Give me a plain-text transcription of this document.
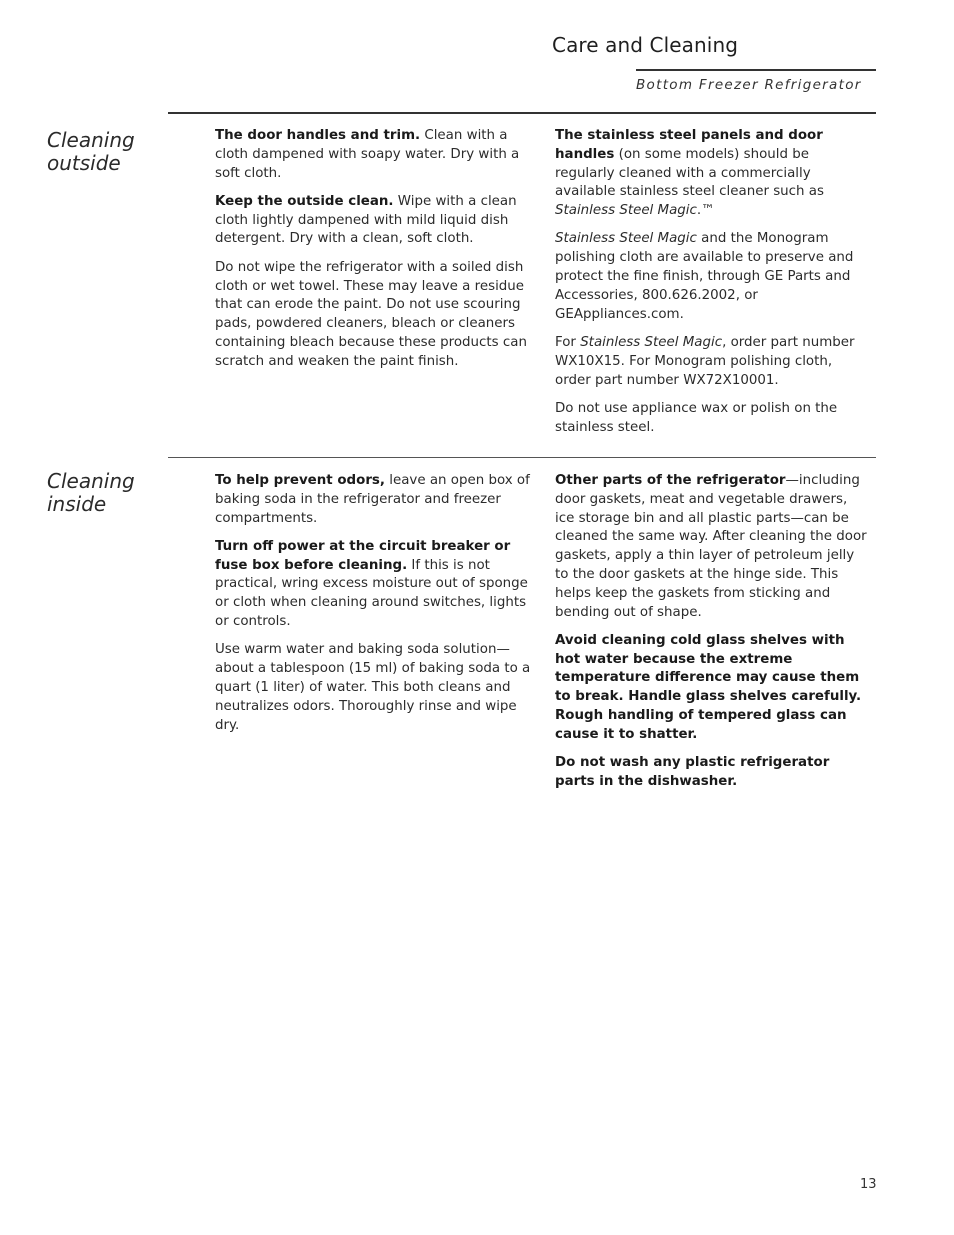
Care and Cleaning
Bottom Freezer Refrigerator
Cleaning
outside

The door handles and trim. Clean with a cloth dampened with soapy water. Dry with a soft cloth.

Keep the outside clean. Wipe with a clean cloth lightly dampened with mild liquid dish detergent. Dry with a clean, soft cloth.

Do not wipe the refrigerator with a soiled dish cloth or wet towel. These may leave a residue that can erode the paint. Do not use scouring pads, powdered cleaners, bleach or cleaners containing bleach because these products can scratch and weaken the paint finish.

The stainless steel panels and door handles (on some models) should be regularly cleaned with a commercially available stainless steel cleaner such as Stainless Steel Magic.™

Stainless Steel Magic and the Monogram polishing cloth are available to preserve and protect the fine finish, through GE Parts and Accessories, 800.626.2002, or GEAppliances.com.

For Stainless Steel Magic, order part number WX10X15. For Monogram polishing cloth, order part number WX72X10001.

Do not use appliance wax or polish on the stainless steel.

Cleaning
inside

To help prevent odors, leave an open box of baking soda in the refrigerator and freezer compartments.

Turn off power at the circuit breaker or fuse box before cleaning. If this is not practical, wring excess moisture out of sponge or cloth when cleaning around switches, lights or controls.

Use warm water and baking soda solution—about a tablespoon (15 ml) of baking soda to a quart (1 liter) of water. This both cleans and neutralizes odors. Thoroughly rinse and wipe dry.

Other parts of the refrigerator—including door gaskets, meat and vegetable drawers, ice storage bin and all plastic parts—can be cleaned the same way. After cleaning the door gaskets, apply a thin layer of petroleum jelly to the door gaskets at the hinge side. This helps keep the gaskets from sticking and bending out of shape.

Avoid cleaning cold glass shelves with hot water because the extreme temperature difference may cause them to break. Handle glass shelves carefully. Rough handling of tempered glass can cause it to shatter.

Do not wash any plastic refrigerator parts in the dishwasher.

13
